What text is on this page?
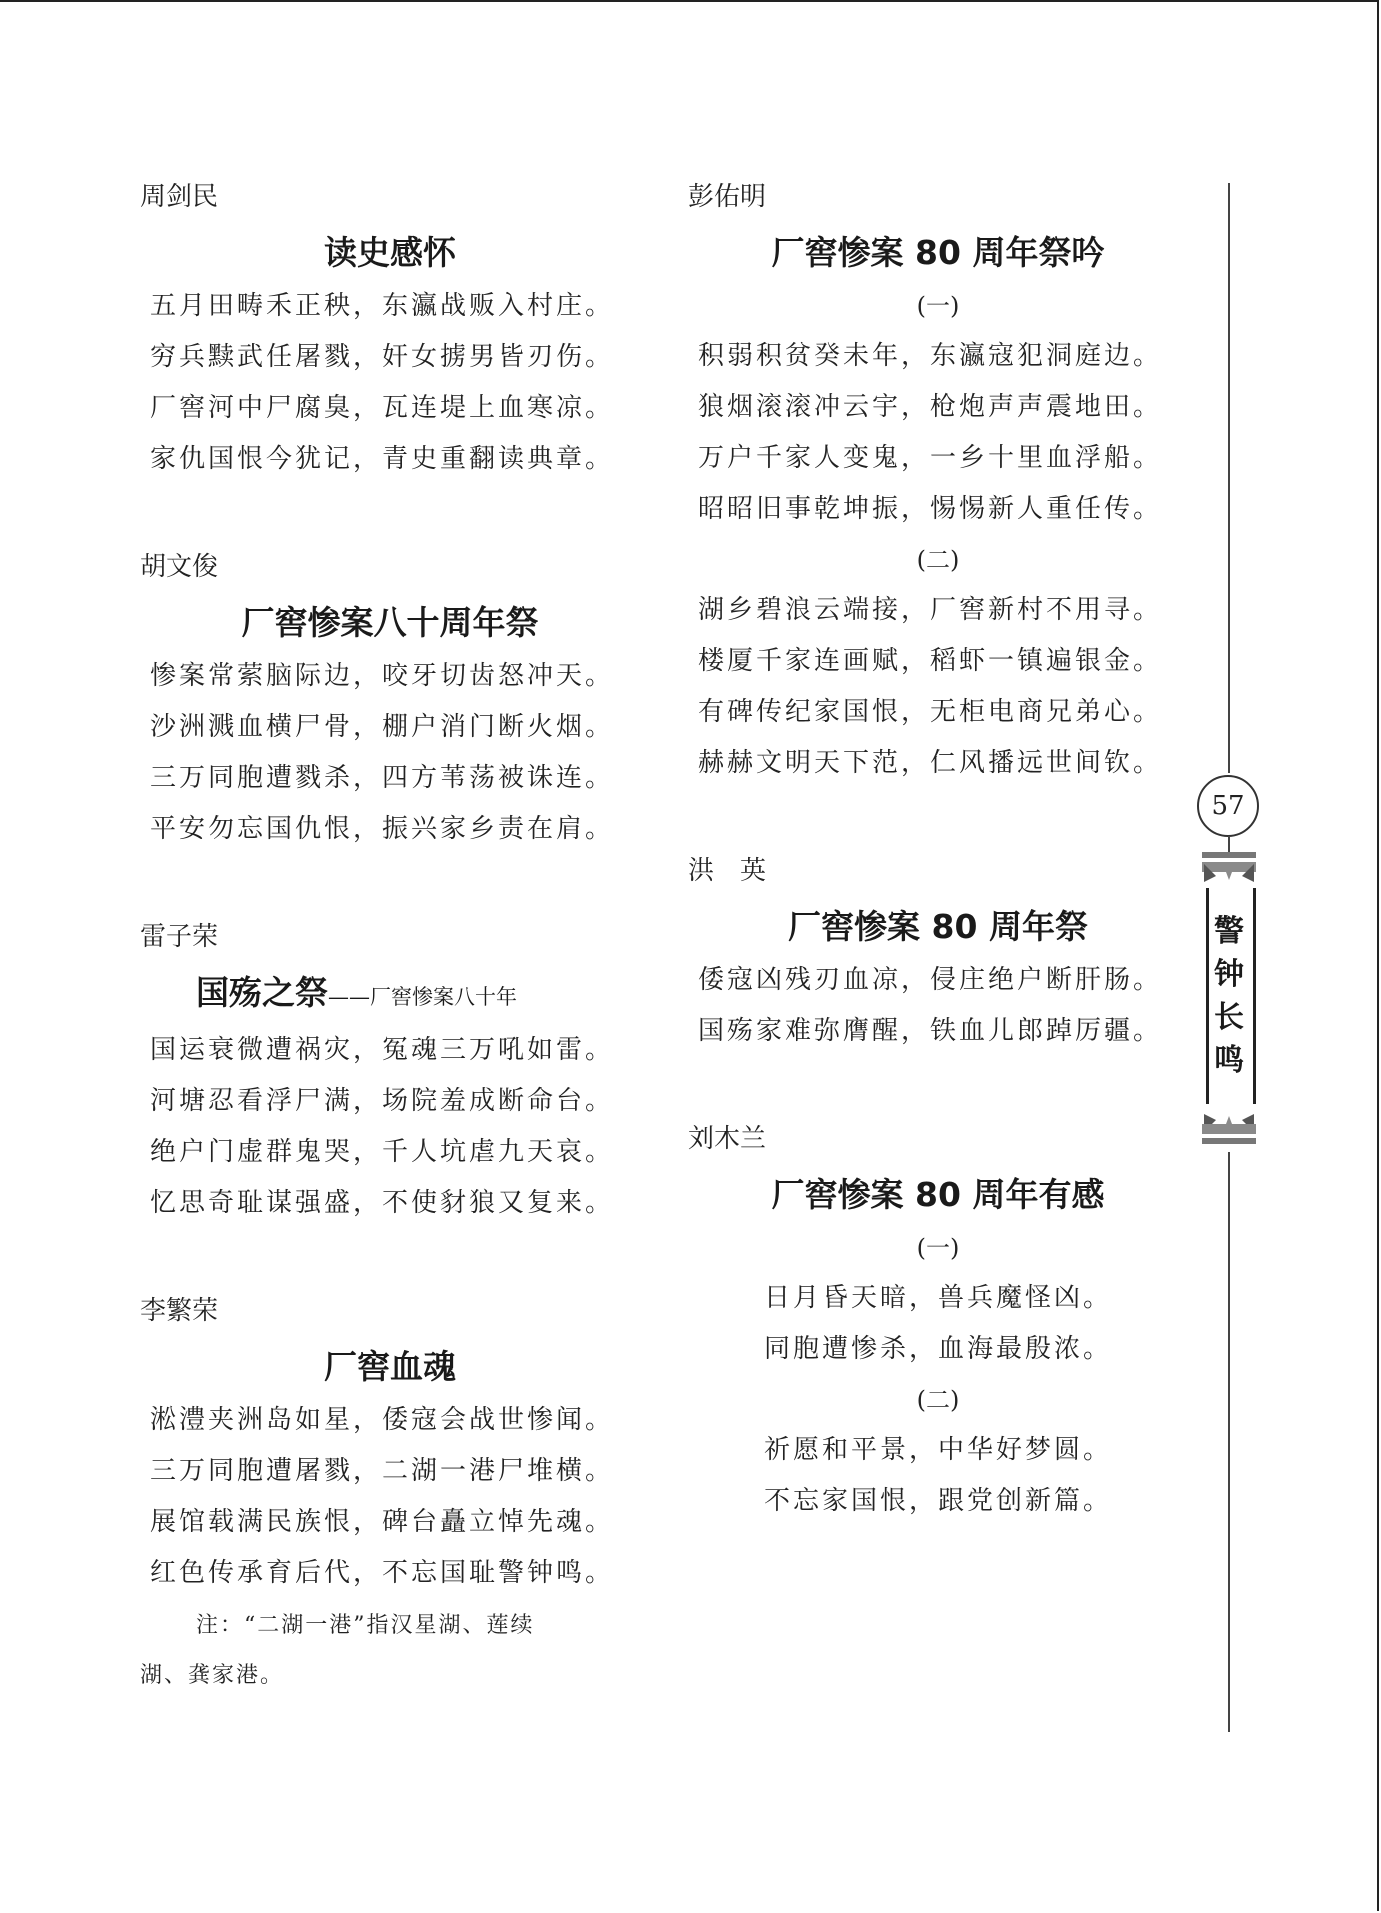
周剑民

读史感怀

五月田畴禾正秧，东瀛战贩入村庄。

穷兵黩武任屠戮，奸女掳男皆刃伤。

厂窖河中尸腐臭，瓦连堤上血寒凉。

家仇国恨今犹记，青史重翻读典章。

胡文俊

厂窖惨案八十周年祭

惨案常萦脑际边，咬牙切齿怒冲天。

沙洲溅血横尸骨，棚户消门断火烟。

三万同胞遭戮杀，四方苇荡被诛连。

平安勿忘国仇恨，振兴家乡责在肩。

雷子荣

国殇之祭——厂窖惨案八十年

国运衰微遭祸灾，冤魂三万吼如雷。

河塘忍看浮尸满，场院羞成断命台。

绝户门虚群鬼哭，千人坑虐九天哀。

忆思奇耻谋强盛，不使豺狼又复来。

李繁荣

厂窖血魂

淞澧夹洲岛如星，倭寇会战世惨闻。

三万同胞遭屠戮，二湖一港尸堆横。

展馆载满民族恨，碑台矗立悼先魂。

红色传承育后代，不忘国耻警钟鸣。

注：“二湖一港”指汉星湖、莲续
湖、龚家港。

彭佑明

厂窖惨案 80 周年祭吟

(一)

积弱积贫癸未年，东瀛寇犯洞庭边。

狼烟滚滚冲云宇，枪炮声声震地田。

万户千家人变鬼，一乡十里血浮船。

昭昭旧事乾坤振，惕惕新人重任传。

(二)

湖乡碧浪云端接，厂窖新村不用寻。

楼厦千家连画赋，稻虾一镇遍银金。

有碑传纪家国恨，无柜电商兄弟心。

赫赫文明天下范，仁风播远世间钦。

洪　英

厂窖惨案 80 周年祭

倭寇凶残刃血凉，侵庄绝户断肝肠。

国殇家难弥膺醒，铁血儿郎踔厉疆。

刘木兰

厂窖惨案 80 周年有感

(一)

日月昏天暗，兽兵魔怪凶。

同胞遭惨杀，血海最殷浓。

(二)

祈愿和平景，中华好梦圆。

不忘家国恨，跟党创新篇。

57
警
钟
长
鸣
